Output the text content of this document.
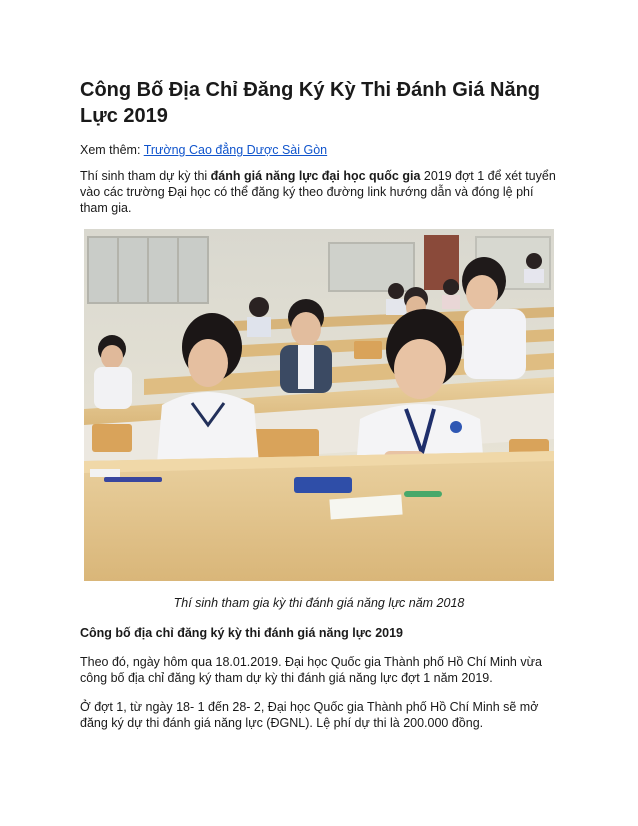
Công Bố Địa Chỉ Đăng Ký Kỳ Thi Đánh Giá Năng Lực 2019

Xem thêm: Trường Cao đẳng Dược Sài Gòn

Thí sinh tham dự kỳ thi đánh giá năng lực đại học quốc gia 2019 đợt 1 để xét tuyển vào các trường Đại học có thể đăng ký theo đường link hướng dẫn và đóng lệ phí tham gia.

Thí sinh tham gia kỳ thi đánh giá năng lực năm 2018

Công bố địa chỉ đăng ký kỳ thi đánh giá năng lực 2019

Theo đó, ngày hôm qua 18.01.2019. Đại học Quốc gia Thành phố Hồ Chí Minh vừa công bố địa chỉ đăng ký tham dự kỳ thi đánh giá năng lực đợt 1 năm 2019.

Ở đợt 1, từ ngày 18- 1 đến 28- 2, Đại học Quốc gia Thành phố Hồ Chí Minh sẽ mở đăng ký dự thi đánh giá năng lực (ĐGNL). Lệ phí dự thi là 200.000 đồng.
